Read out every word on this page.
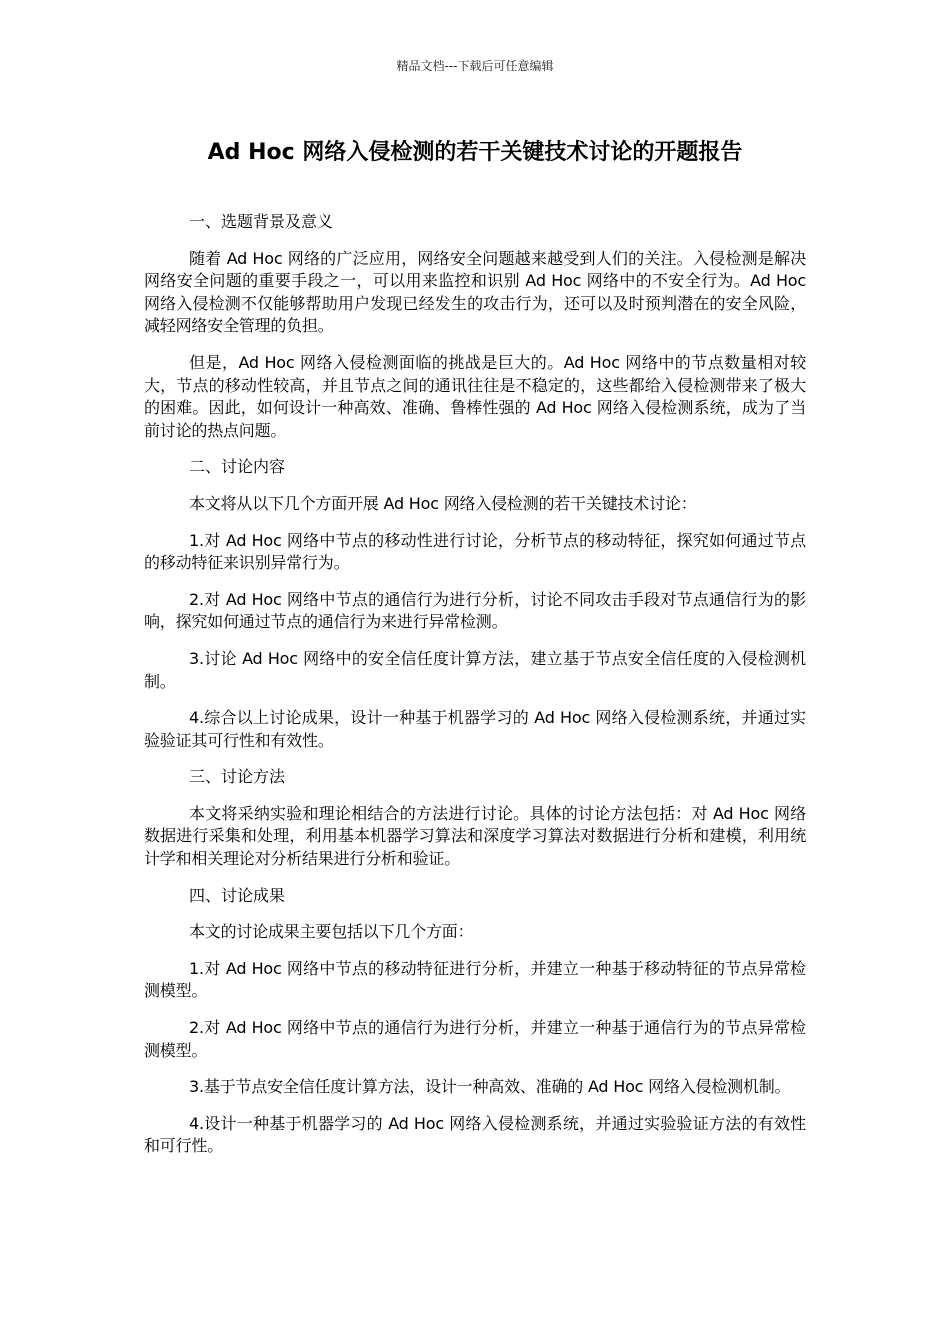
精品文档---下载后可任意编辑
Ad Hoc 网络入侵检测的若干关键技术讨论的开题报告

一、选题背景及意义

随着 Ad Hoc 网络的广泛应用，网络安全问题越来越受到人们的关注。入侵检测是解决网络安全问题的重要手段之一，可以用来监控和识别 Ad Hoc 网络中的不安全行为。Ad Hoc 网络入侵检测不仅能够帮助用户发现已经发生的攻击行为，还可以及时预判潜在的安全风险，减轻网络安全管理的负担。

但是，Ad Hoc 网络入侵检测面临的挑战是巨大的。Ad Hoc 网络中的节点数量相对较大，节点的移动性较高，并且节点之间的通讯往往是不稳定的，这些都给入侵检测带来了极大的困难。因此，如何设计一种高效、准确、鲁棒性强的 Ad Hoc 网络入侵检测系统，成为了当前讨论的热点问题。

二、讨论内容

本文将从以下几个方面开展 Ad Hoc 网络入侵检测的若干关键技术讨论：

1.对 Ad Hoc 网络中节点的移动性进行讨论，分析节点的移动特征，探究如何通过节点的移动特征来识别异常行为。

2.对 Ad Hoc 网络中节点的通信行为进行分析，讨论不同攻击手段对节点通信行为的影响，探究如何通过节点的通信行为来进行异常检测。

3.讨论 Ad Hoc 网络中的安全信任度计算方法，建立基于节点安全信任度的入侵检测机制。

4.综合以上讨论成果，设计一种基于机器学习的 Ad Hoc 网络入侵检测系统，并通过实验验证其可行性和有效性。

三、讨论方法

本文将采纳实验和理论相结合的方法进行讨论。具体的讨论方法包括：对 Ad Hoc 网络数据进行采集和处理，利用基本机器学习算法和深度学习算法对数据进行分析和建模，利用统计学和相关理论对分析结果进行分析和验证。

四、讨论成果

本文的讨论成果主要包括以下几个方面：

1.对 Ad Hoc 网络中节点的移动特征进行分析，并建立一种基于移动特征的节点异常检测模型。

2.对 Ad Hoc 网络中节点的通信行为进行分析，并建立一种基于通信行为的节点异常检测模型。

3.基于节点安全信任度计算方法，设计一种高效、准确的 Ad Hoc 网络入侵检测机制。

4.设计一种基于机器学习的 Ad Hoc 网络入侵检测系统，并通过实验验证方法的有效性和可行性。
